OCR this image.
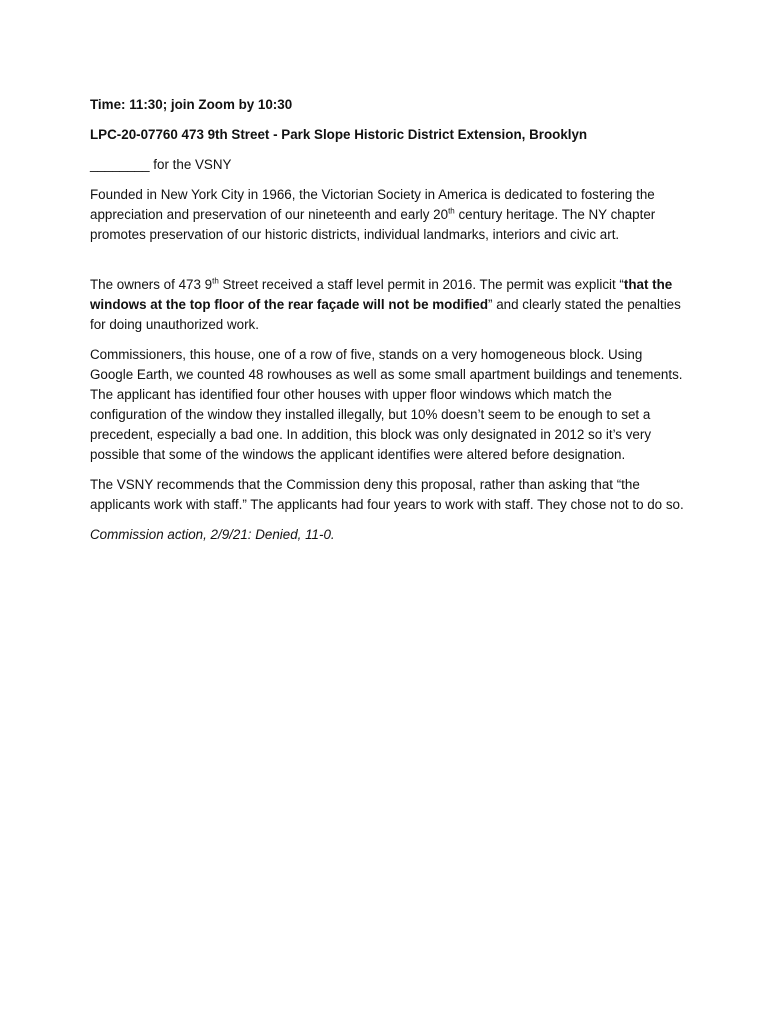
Time: 11:30; join Zoom by 10:30

LPC-20-07760 473 9th Street - Park Slope Historic District Extension, Brooklyn

________ for the VSNY

Founded in New York City in 1966, the Victorian Society in America is dedicated to fostering the appreciation and preservation of our nineteenth and early 20th century heritage. The NY chapter promotes preservation of our historic districts, individual landmarks, interiors and civic art.

The owners of 473 9th Street received a staff level permit in 2016. The permit was explicit “that the windows at the top floor of the rear façade will not be modified” and clearly stated the penalties for doing unauthorized work.

Commissioners, this house, one of a row of five, stands on a very homogeneous block. Using Google Earth, we counted 48 rowhouses as well as some small apartment buildings and tenements. The applicant has identified four other houses with upper floor windows which match the configuration of the window they installed illegally, but 10% doesn’t seem to be enough to set a precedent, especially a bad one. In addition, this block was only designated in 2012 so it’s very possible that some of the windows the applicant identifies were altered before designation.

The VSNY recommends that the Commission deny this proposal, rather than asking that “the applicants work with staff.” The applicants had four years to work with staff. They chose not to do so.

Commission action, 2/9/21: Denied, 11-0.
